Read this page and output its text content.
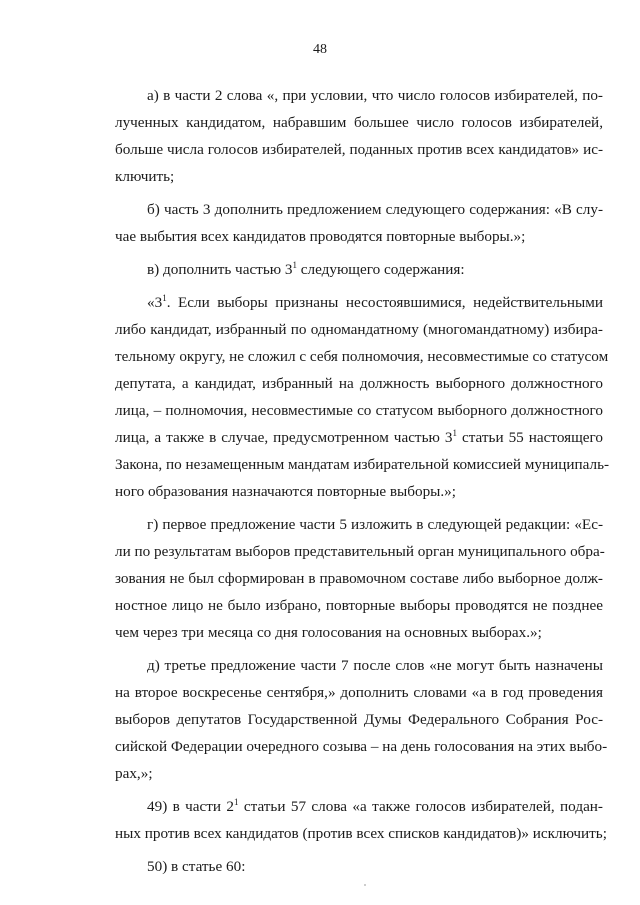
48
а) в части 2 слова «, при условии, что число голосов избирателей, по-
лученных кандидатом, набравшим большее число голосов избирателей,
больше числа голосов избирателей, поданных против всех кандидатов» ис-
ключить;
б) часть 3 дополнить предложением следующего содержания: «В слу-
чае выбытия всех кандидатов проводятся повторные выборы.»;
в) дополнить частью $3^1$ следующего содержания:
«$3^1$. Если выборы признаны несостоявшимися, недействительными
либо кандидат, избранный по одномандатному (многомандатному) избира-
тельному округу, не сложил с себя полномочия, несовместимые со статусом
депутата, а кандидат, избранный на должность выборного должностного
лица, – полномочия, несовместимые со статусом выборного должностного
лица, а также в случае, предусмотренном частью $3^1$ статьи 55 настоящего
Закона, по незамещенным мандатам избирательной комиссией муниципаль-
ного образования назначаются повторные выборы.»;
г) первое предложение части 5 изложить в следующей редакции: «Ес-
ли по результатам выборов представительный орган муниципального обра-
зования не был сформирован в правомочном составе либо выборное долж-
ностное лицо не было избрано, повторные выборы проводятся не позднее
чем через три месяца со дня голосования на основных выборах.»;
д) третье предложение части 7 после слов «не могут быть назначены
на второе воскресенье сентября,» дополнить словами «а в год проведения
выборов депутатов Государственной Думы Федерального Собрания Рос-
сийской Федерации очередного созыва – на день голосования на этих выбо-
рах,»;
49) в части $2^1$ статьи 57 слова «а также голосов избирателей, подан-
ных против всех кандидатов (против всех списков кандидатов)» исключить;
50) в статье 60:
